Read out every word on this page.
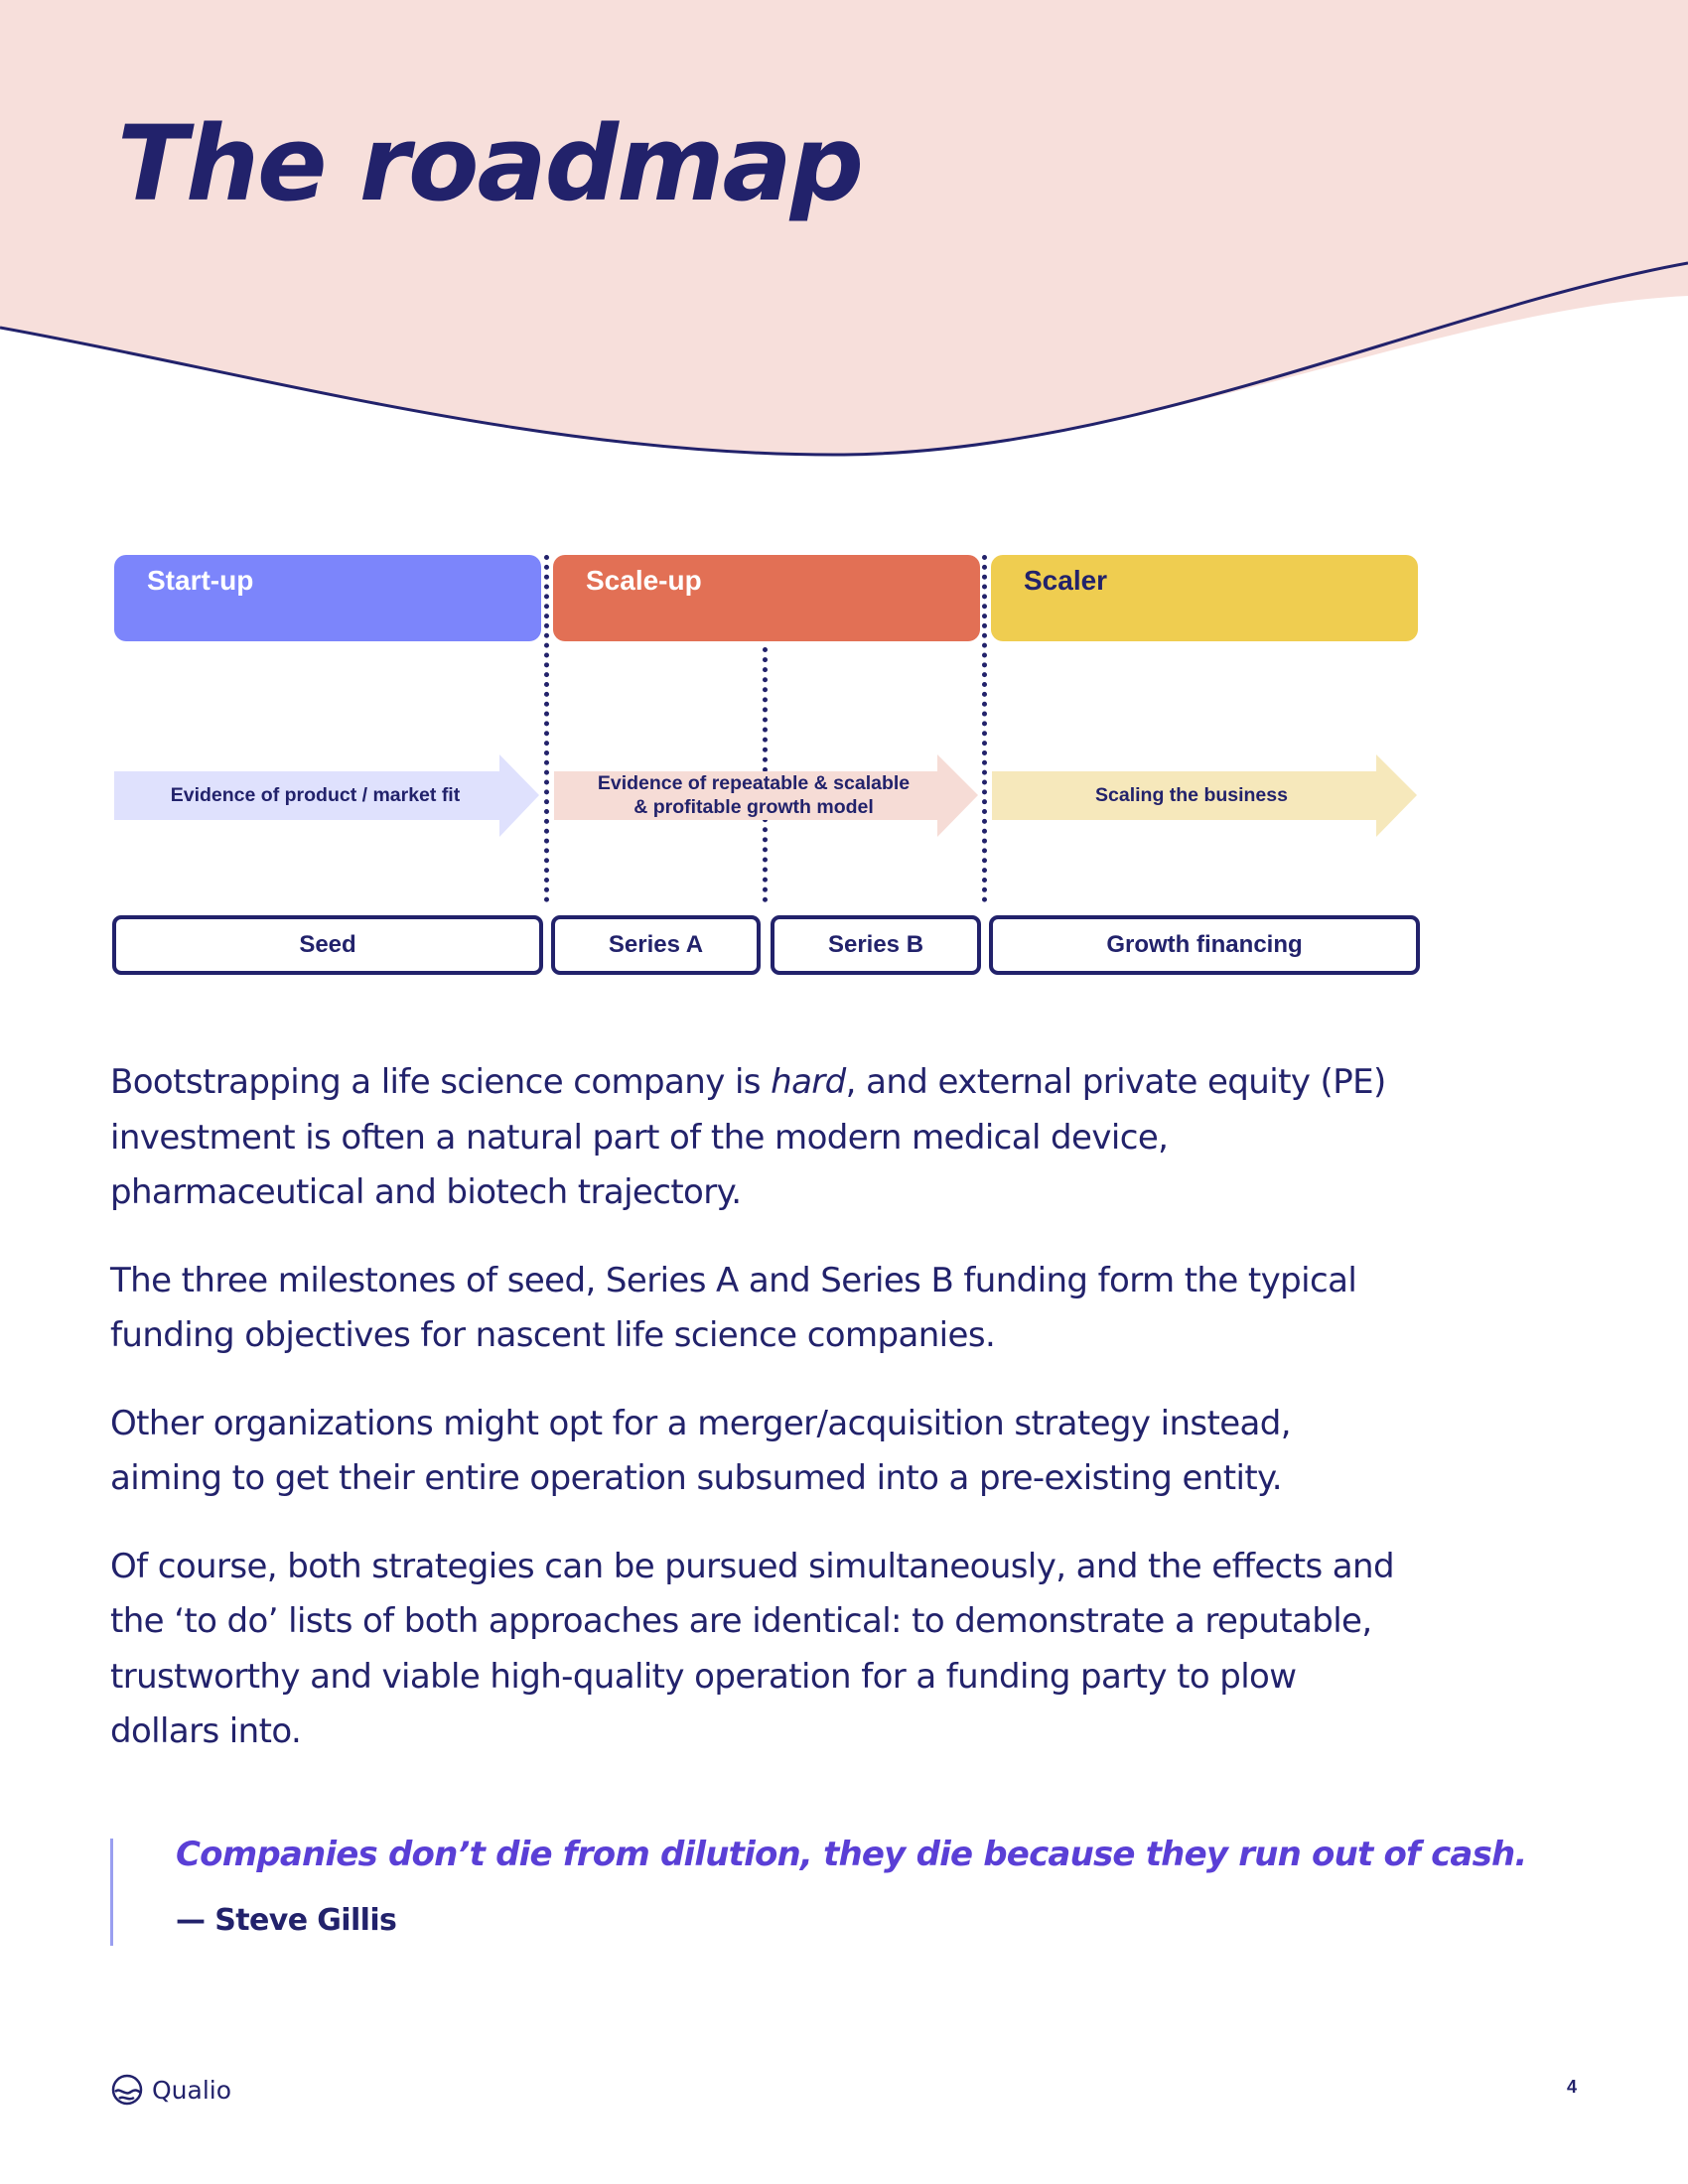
The roadmap
Start-up	Scale-up	Scaler
Evidence of product / market fit
Evidence of repeatable & scalable
& profitable growth model
Scaling the business
Seed	Series A	Series B	Growth financing

Bootstrapping a life science company is hard, and external private equity (PE) investment is often a natural part of the modern medical device, pharmaceutical and biotech trajectory.

The three milestones of seed, Series A and Series B funding form the typical funding objectives for nascent life science companies.

Other organizations might opt for a merger/acquisition strategy instead, aiming to get their entire operation subsumed into a pre-existing entity.

Of course, both strategies can be pursued simultaneously, and the effects and the ‘to do’ lists of both approaches are identical: to demonstrate a reputable, trustworthy and viable high-quality operation for a funding party to plow dollars into.

Companies don’t die from dilution, they die because they run out of cash.

— Steve Gillis
Qualio	4
